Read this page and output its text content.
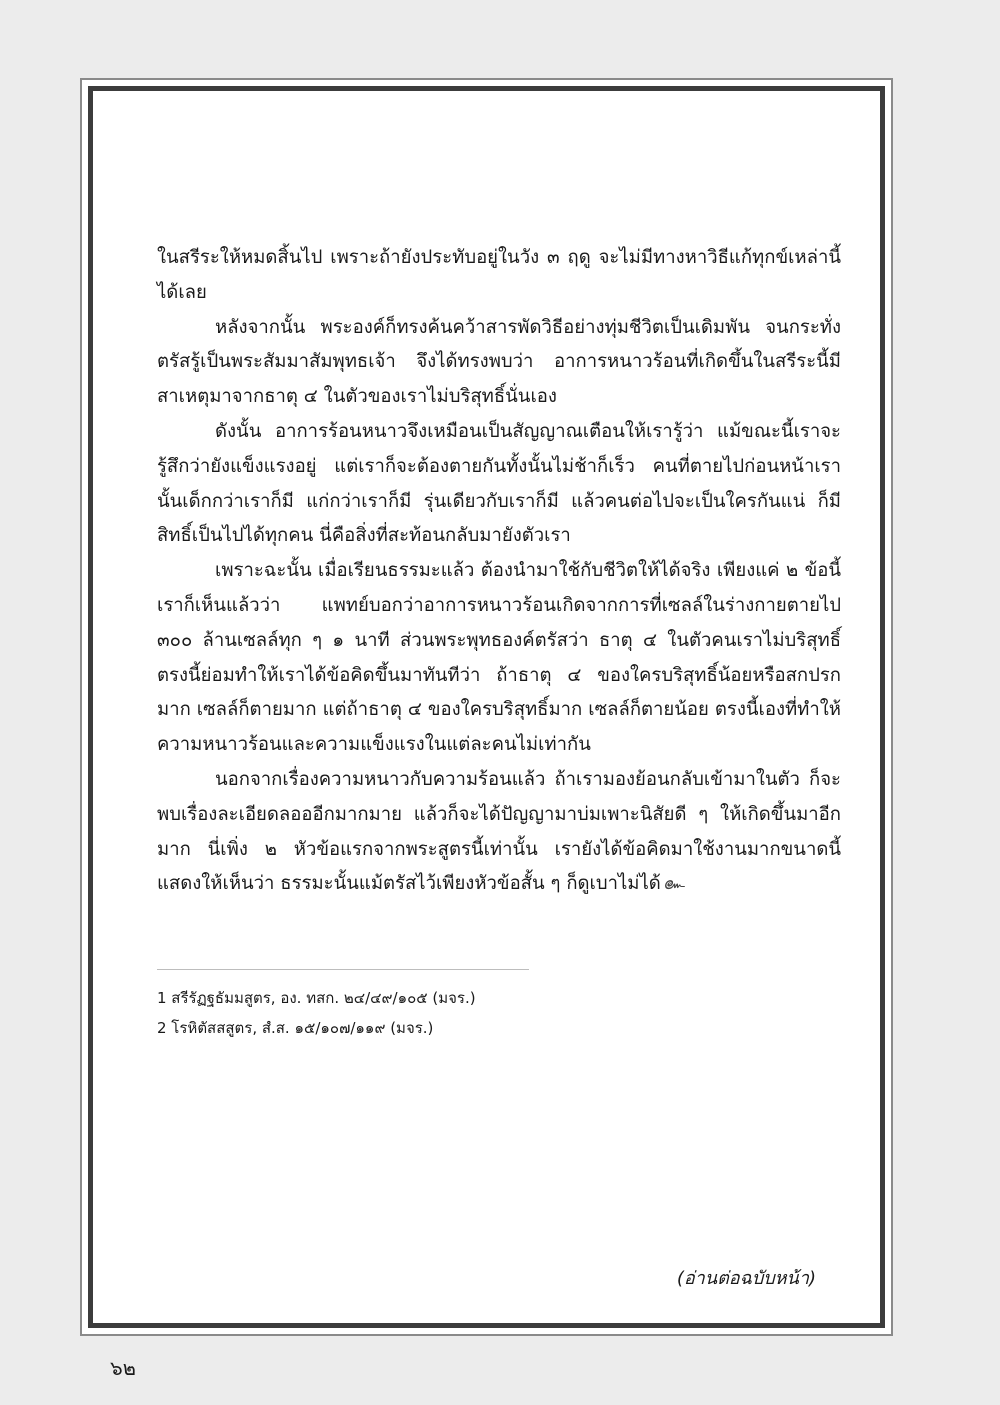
ในสรีระให้หมดสิ้นไป เพราะถ้ายังประทับอยู่ในวัง ๓ ฤดู จะไม่มีทางหาวิธีแก้ทุกข์เหล่านี้ได้เลย

หลังจากนั้น พระองค์ก็ทรงค้นคว้าสารพัดวิธีอย่างทุ่มชีวิตเป็นเดิมพัน จนกระทั่งตรัสรู้เป็นพระสัมมาสัมพุทธเจ้า จึงได้ทรงพบว่า อาการหนาวร้อนที่เกิดขึ้นในสรีระนี้มีสาเหตุมาจากธาตุ ๔ ในตัวของเราไม่บริสุทธิ์นั่นเอง

ดังนั้น อาการร้อนหนาวจึงเหมือนเป็นสัญญาณเตือนให้เรารู้ว่า แม้ขณะนี้เราจะรู้สึกว่ายังแข็งแรงอยู่ แต่เราก็จะต้องตายกันทั้งนั้นไม่ช้าก็เร็ว คนที่ตายไปก่อนหน้าเรานั้นเด็กกว่าเราก็มี แก่กว่าเราก็มี รุ่นเดียวกับเราก็มี แล้วคนต่อไปจะเป็นใครกันแน่ ก็มีสิทธิ์เป็นไปได้ทุกคน นี่คือสิ่งที่สะท้อนกลับมายังตัวเรา

เพราะฉะนั้น เมื่อเรียนธรรมะแล้ว ต้องนำมาใช้กับชีวิตให้ได้จริง เพียงแค่ ๒ ข้อนี้ เราก็เห็นแล้วว่า แพทย์บอกว่าอาการหนาวร้อนเกิดจากการที่เซลล์ในร่างกายตายไป ๓๐๐ ล้านเซลล์ทุก ๆ ๑ นาที ส่วนพระพุทธองค์ตรัสว่า ธาตุ ๔ ในตัวคนเราไม่บริสุทธิ์ ตรงนี้ย่อมทำให้เราได้ข้อคิดขึ้นมาทันทีว่า ถ้าธาตุ ๔ ของใครบริสุทธิ์น้อยหรือสกปรกมาก เซลล์ก็ตายมาก แต่ถ้าธาตุ ๔ ของใครบริสุทธิ์มาก เซลล์ก็ตายน้อย ตรงนี้เองที่ทำให้ความหนาวร้อนและความแข็งแรงในแต่ละคนไม่เท่ากัน

นอกจากเรื่องความหนาวกับความร้อนแล้ว ถ้าเรามองย้อนกลับเข้ามาในตัว ก็จะพบเรื่องละเอียดลอออีกมากมาย แล้วก็จะได้ปัญญามาบ่มเพาะนิสัยดี ๆ ให้เกิดขึ้นมาอีกมาก นี่เพิ่ง ๒ หัวข้อแรกจากพระสูตรนี้เท่านั้น เรายังได้ข้อคิดมาใช้งานมากขนาดนี้ แสดงให้เห็นว่า ธรรมะนั้นแม้ตรัสไว้เพียงหัวข้อสั้น ๆ ก็ดูเบาไม่ได้ ๛

1 สรีรัฏฐธัมมสูตร, อง. ทสก. ๒๔/๔๙/๑๐๕ (มจร.)

2 โรหิตัสสสูตร, สํ.ส. ๑๕/๑๐๗/๑๑๙ (มจร.)

(อ่านต่อฉบับหน้า)
๖๒
